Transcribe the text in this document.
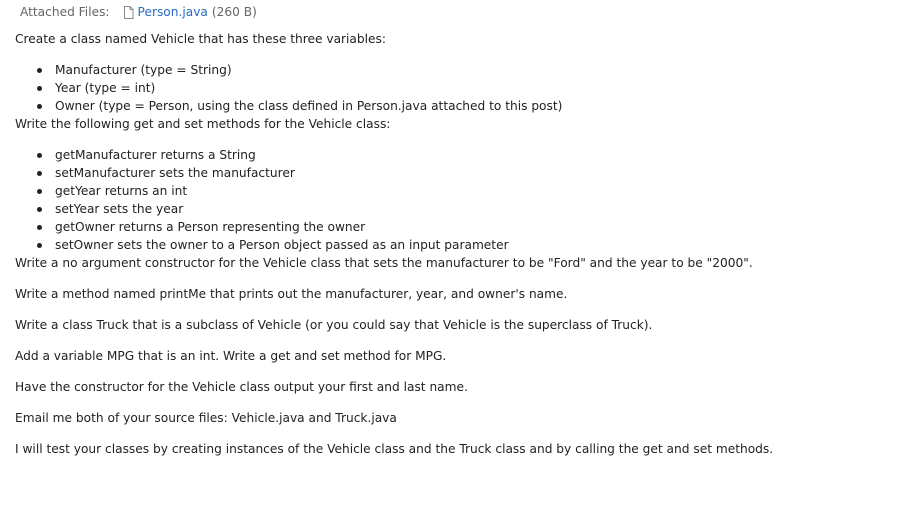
Attached Files: Person.java (260 B)

Create a class named Vehicle that has these three variables:

Manufacturer (type = String)
Year (type = int)
Owner (type = Person, using the class defined in Person.java attached to this post)

Write the following get and set methods for the Vehicle class:

getManufacturer returns a String
setManufacturer sets the manufacturer
getYear returns an int
setYear sets the year
getOwner returns a Person representing the owner
setOwner sets the owner to a Person object passed as an input parameter

Write a no argument constructor for the Vehicle class that sets the manufacturer to be "Ford" and the year to be "2000".

Write a method named printMe that prints out the manufacturer, year, and owner's name.

Write a class Truck that is a subclass of Vehicle (or you could say that Vehicle is the superclass of Truck).

Add a variable MPG that is an int. Write a get and set method for MPG.

Have the constructor for the Vehicle class output your first and last name.

Email me both of your source files: Vehicle.java and Truck.java

I will test your classes by creating instances of the Vehicle class and the Truck class and by calling the get and set methods.
